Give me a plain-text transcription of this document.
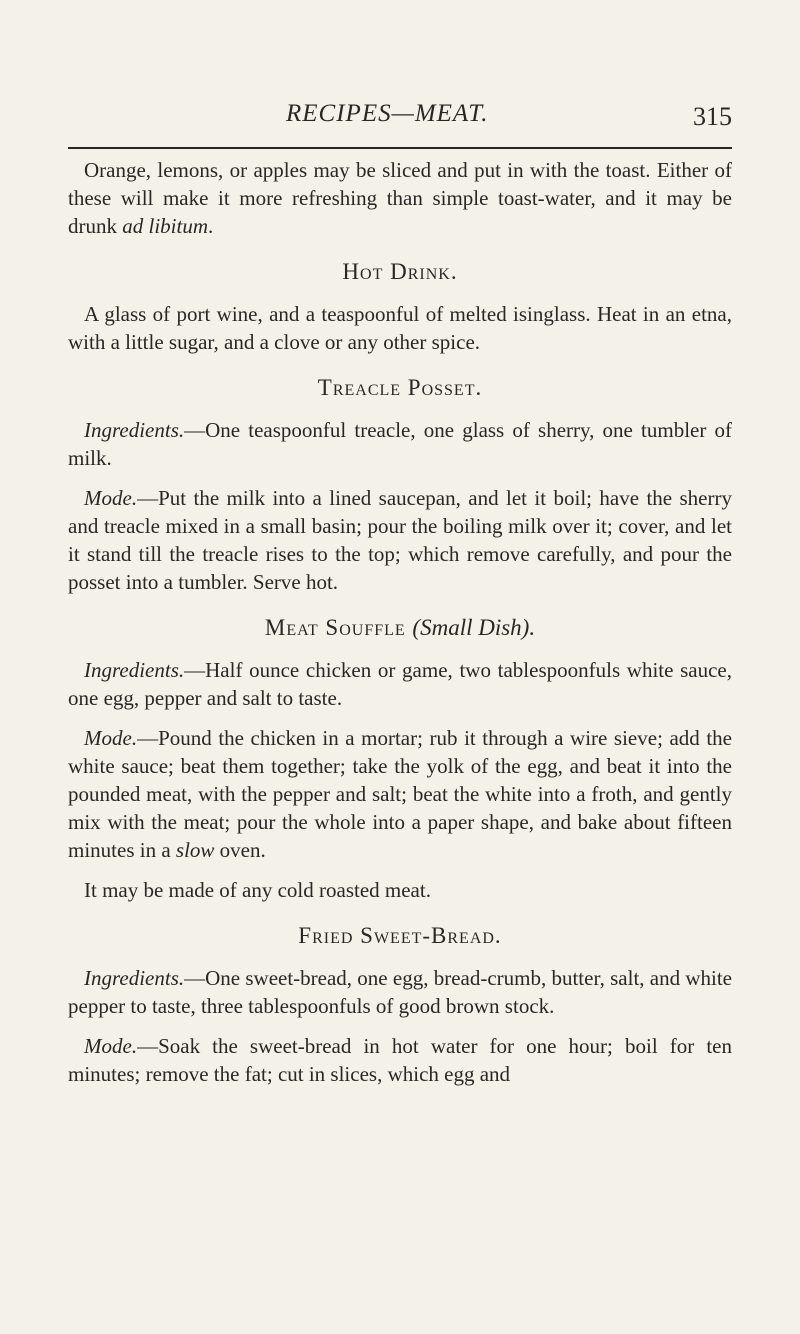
RECIPES—MEAT.	315

Orange, lemons, or apples may be sliced and put in with the toast. Either of these will make it more refreshing than simple toast-water, and it may be drunk ad libitum.

Hot Drink.

A glass of port wine, and a teaspoonful of melted isinglass. Heat in an etna, with a little sugar, and a clove or any other spice.

Treacle Posset.

Ingredients.—One teaspoonful treacle, one glass of sherry, one tumbler of milk.

Mode.—Put the milk into a lined saucepan, and let it boil; have the sherry and treacle mixed in a small basin; pour the boiling milk over it; cover, and let it stand till the treacle rises to the top; which remove carefully, and pour the posset into a tumbler. Serve hot.

Meat Souffle (Small Dish).

Ingredients.—Half ounce chicken or game, two tablespoonfuls white sauce, one egg, pepper and salt to taste.

Mode.—Pound the chicken in a mortar; rub it through a wire sieve; add the white sauce; beat them together; take the yolk of the egg, and beat it into the pounded meat, with the pepper and salt; beat the white into a froth, and gently mix with the meat; pour the whole into a paper shape, and bake about fifteen minutes in a slow oven.

It may be made of any cold roasted meat.

Fried Sweet-Bread.

Ingredients.—One sweet-bread, one egg, bread-crumb, butter, salt, and white pepper to taste, three tablespoonfuls of good brown stock.

Mode.—Soak the sweet-bread in hot water for one hour; boil for ten minutes; remove the fat; cut in slices, which egg and
